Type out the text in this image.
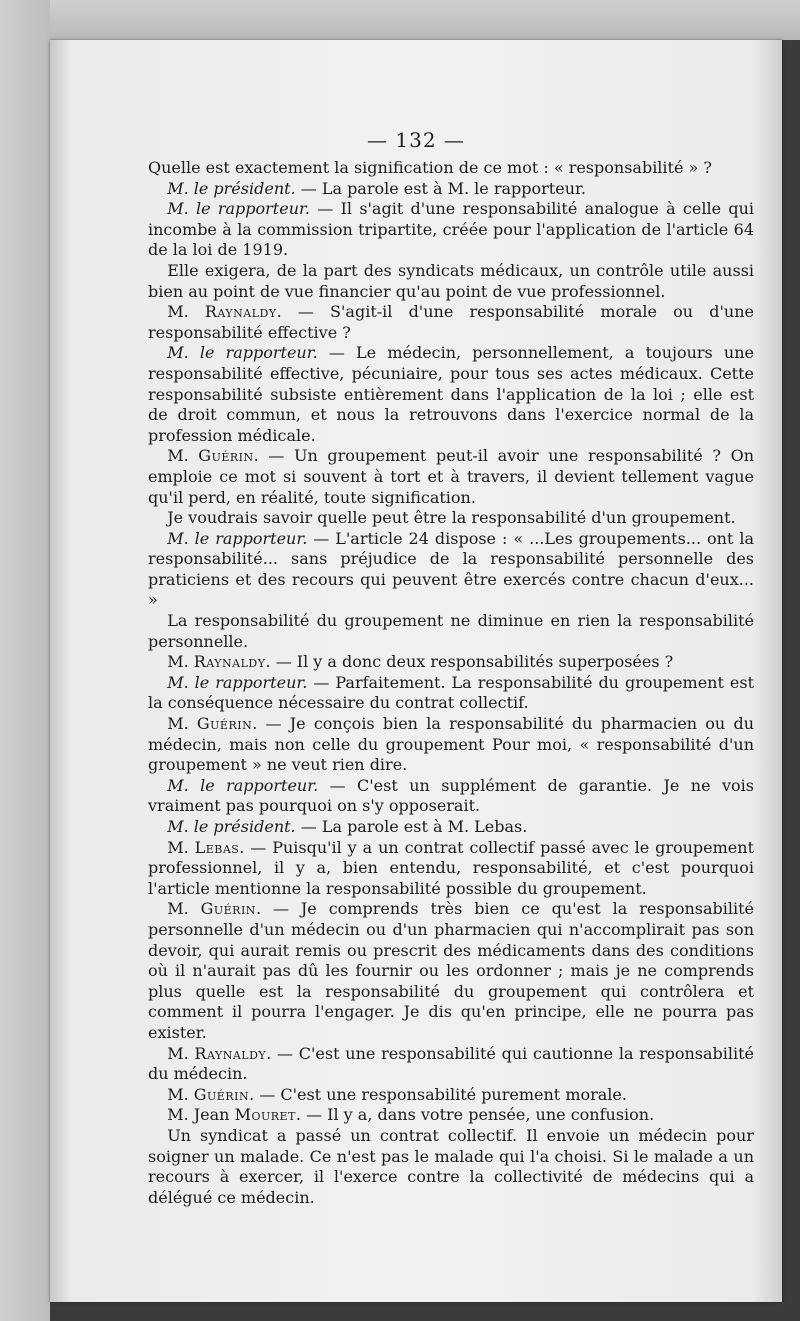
— 132 —

Quelle est exactement la signification de ce mot : « responsabilité » ?

M. le président. — La parole est à M. le rapporteur.

M. le rapporteur. — Il s'agit d'une responsabilité analogue à celle qui incombe à la commission tripartite, créée pour l'application de l'article 64 de la loi de 1919.

Elle exigera, de la part des syndicats médicaux, un contrôle utile aussi bien au point de vue financier qu'au point de vue professionnel.

M. Raynaldy. — S'agit-il d'une responsabilité morale ou d'une responsabilité effective ?

M. le rapporteur. — Le médecin, personnellement, a toujours une responsabilité effective, pécuniaire, pour tous ses actes médicaux. Cette responsabilité subsiste entièrement dans l'application de la loi ; elle est de droit commun, et nous la retrouvons dans l'exercice normal de la profession médicale.

M. Guérin. — Un groupement peut-il avoir une responsabilité ? On emploie ce mot si souvent à tort et à travers, il devient tellement vague qu'il perd, en réalité, toute signification.

Je voudrais savoir quelle peut être la responsabilité d'un groupement.

M. le rapporteur. — L'article 24 dispose : « ...Les groupements... ont la responsabilité... sans préjudice de la responsabilité personnelle des praticiens et des recours qui peuvent être exercés contre chacun d'eux... »

La responsabilité du groupement ne diminue en rien la responsabilité personnelle.

M. Raynaldy. — Il y a donc deux responsabilités superposées ?

M. le rapporteur. — Parfaitement. La responsabilité du groupement est la conséquence nécessaire du contrat collectif.

M. Guérin. — Je conçois bien la responsabilité du pharmacien ou du médecin, mais non celle du groupement Pour moi, « responsabilité d'un groupement » ne veut rien dire.

M. le rapporteur. — C'est un supplément de garantie. Je ne vois vraiment pas pourquoi on s'y opposerait.

M. le président. — La parole est à M. Lebas.

M. Lebas. — Puisqu'il y a un contrat collectif passé avec le groupement professionnel, il y a, bien entendu, responsabilité, et c'est pourquoi l'article mentionne la responsabilité possible du groupement.

M. Guérin. — Je comprends très bien ce qu'est la responsabilité personnelle d'un médecin ou d'un pharmacien qui n'accomplirait pas son devoir, qui aurait remis ou prescrit des médicaments dans des conditions où il n'aurait pas dû les fournir ou les ordonner ; mais je ne comprends plus quelle est la responsabilité du groupement qui contrôlera et comment il pourra l'engager. Je dis qu'en principe, elle ne pourra pas exister.

M. Raynaldy. — C'est une responsabilité qui cautionne la responsabilité du médecin.

M. Guérin. — C'est une responsabilité purement morale.

M. Jean Mouret. — Il y a, dans votre pensée, une confusion.

Un syndicat a passé un contrat collectif. Il envoie un médecin pour soigner un malade. Ce n'est pas le malade qui l'a choisi. Si le malade a un recours à exercer, il l'exerce contre la collectivité de médecins qui a délégué ce médecin.
